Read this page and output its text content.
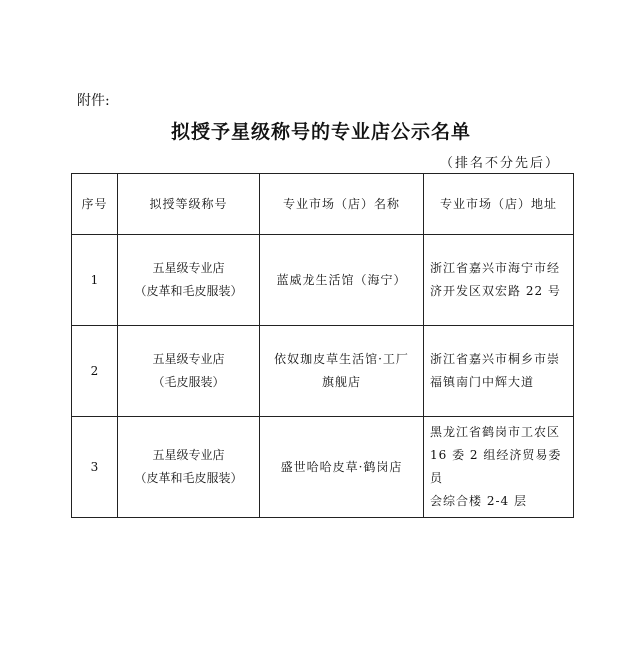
附件:
拟授予星级称号的专业店公示名单
（排名不分先后）
序号	拟授等级称号	专业市场（店）名称	专业市场（店）地址
1	五星级专业店
（皮革和毛皮服装）	蓝威龙生活馆（海宁）	浙江省嘉兴市海宁市经
济开发区双宏路 22 号

2	五星级专业店
（毛皮服装）	依奴珈皮草生活馆·工厂
旗舰店	浙江省嘉兴市桐乡市崇
福镇南门中辉大道

3	五星级专业店
（皮革和毛皮服装）	盛世哈哈皮草·鹤岗店	黑龙江省鹤岗市工农区
16 委 2 组经济贸易委员
会综合楼 2-4 层
